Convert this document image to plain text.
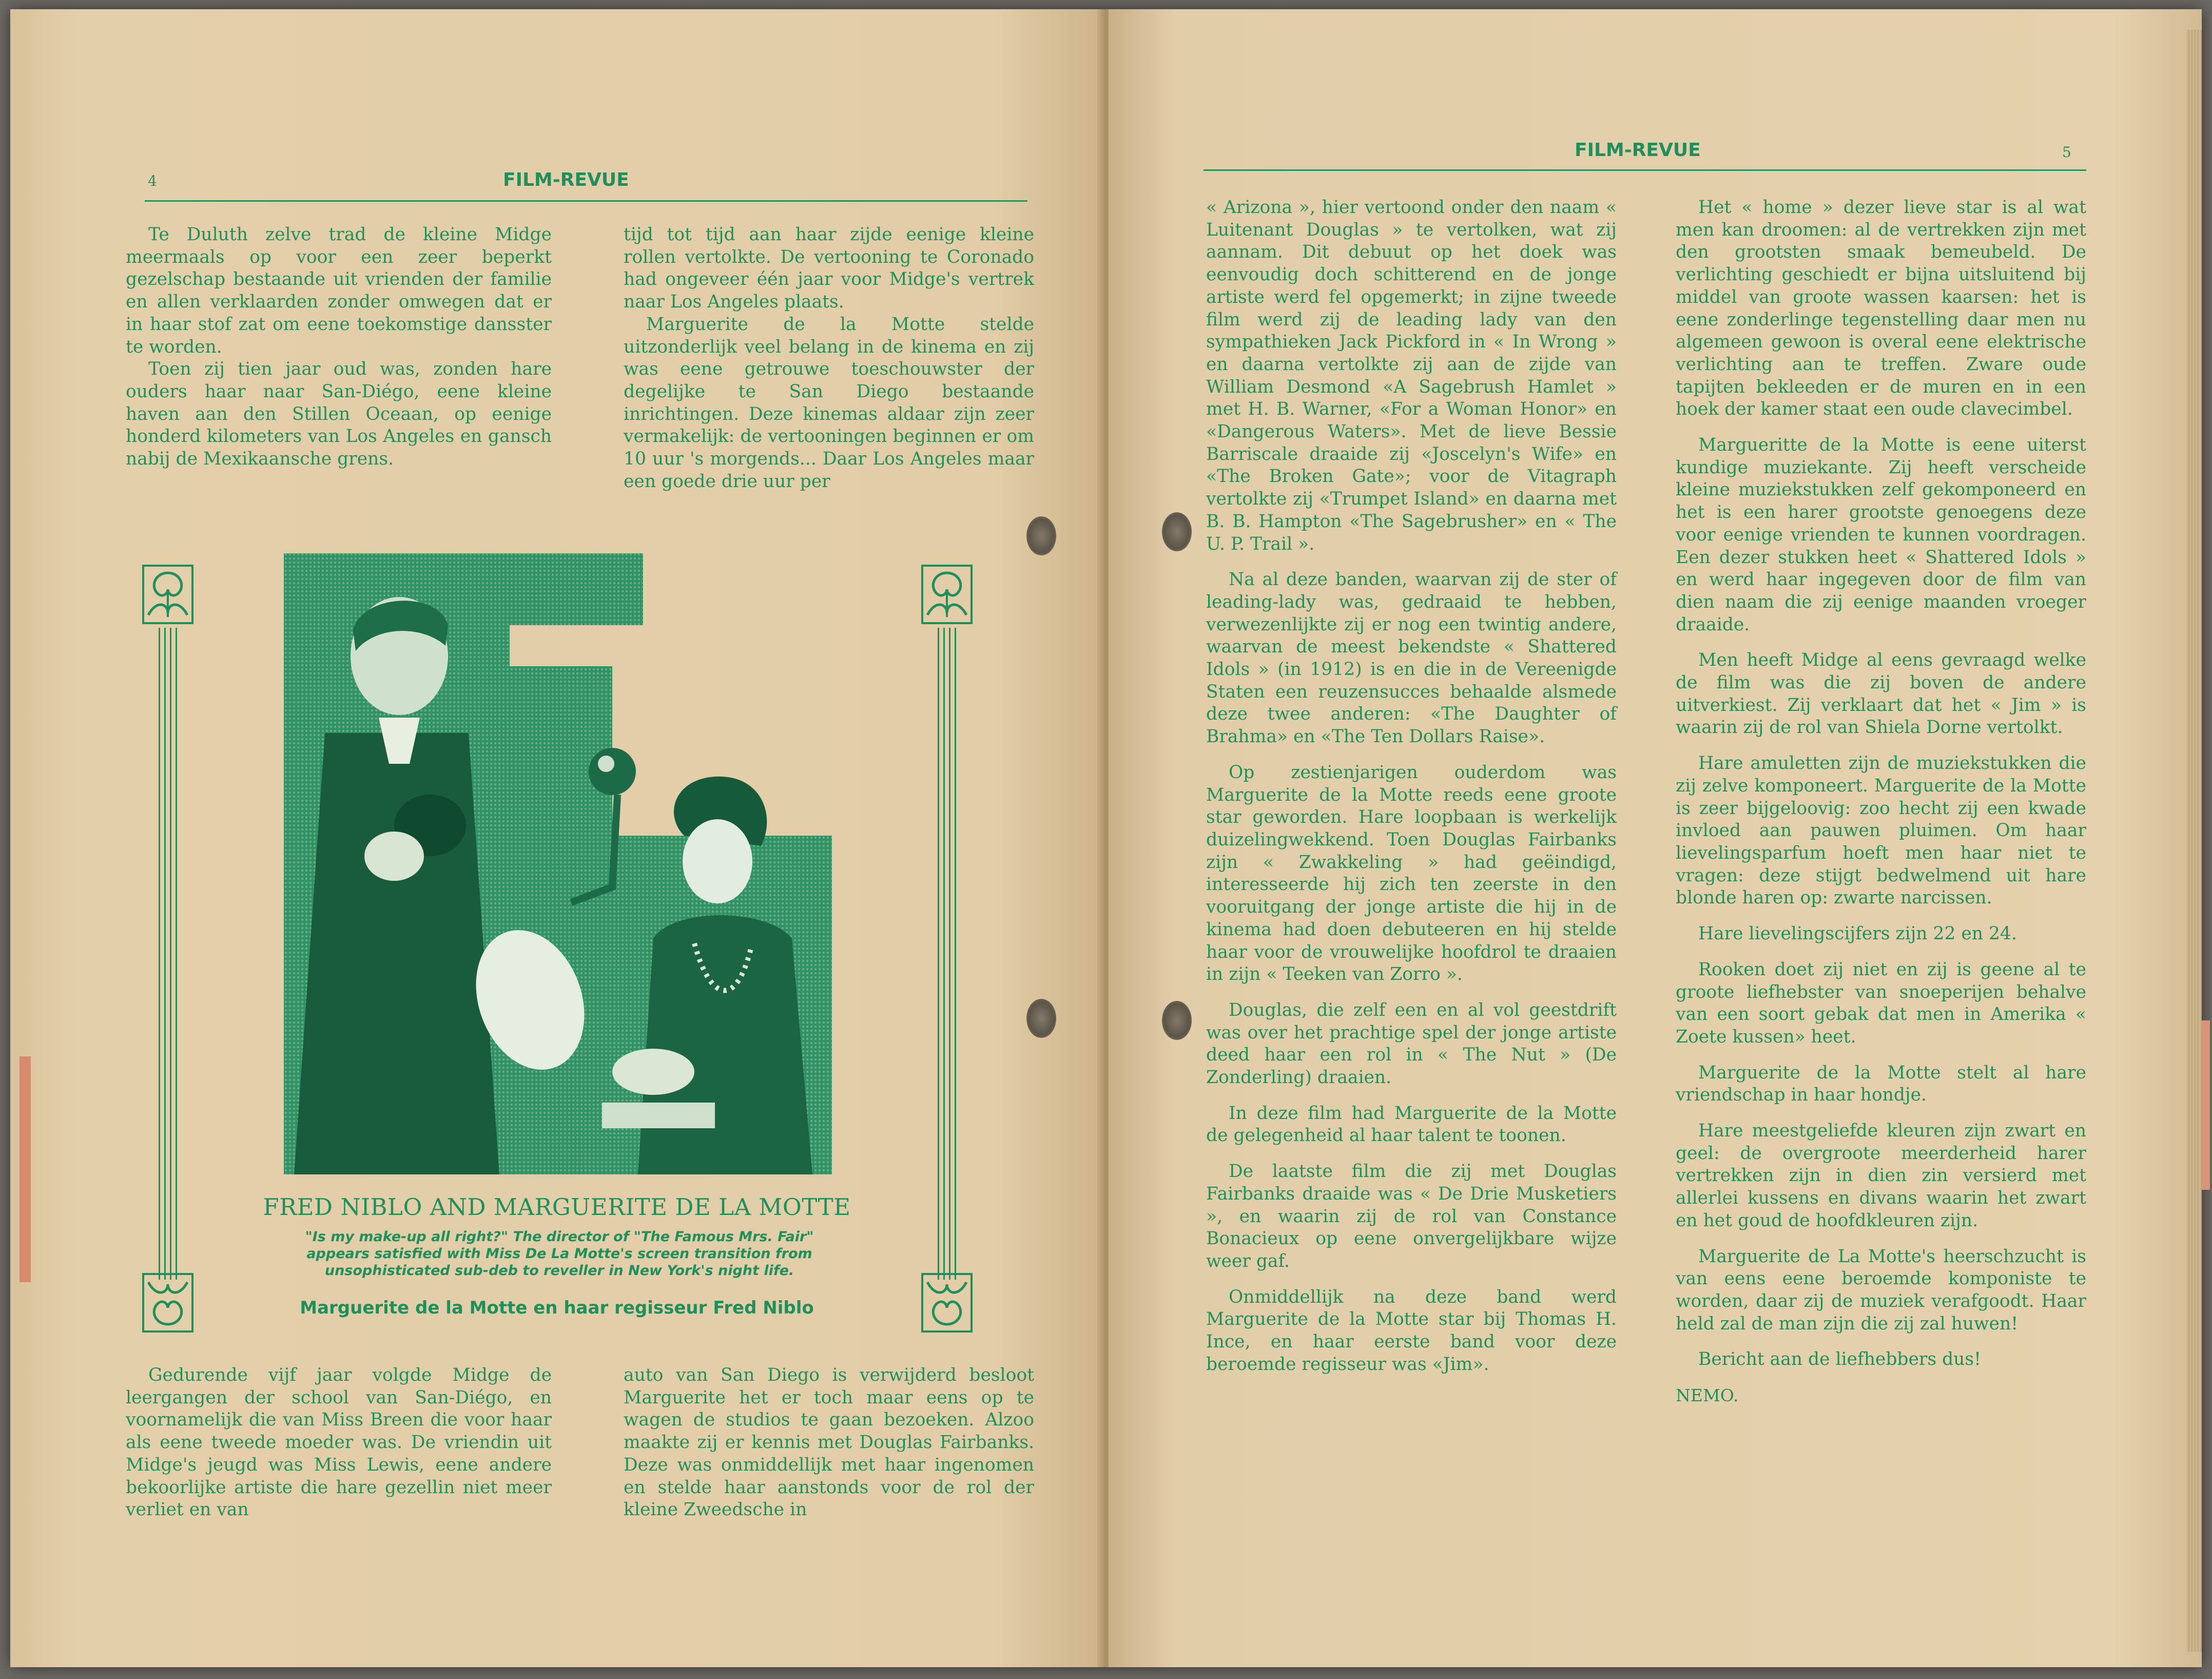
4	FILM-REVUE

Te Duluth zelve trad de kleine Midge meermaals op voor een zeer beperkt gezelschap bestaande uit vrienden der familie en allen verklaarden zonder omwegen dat er in haar stof zat om eene toekomstige dansster te worden.

Toen zij tien jaar oud was, zonden hare ouders haar naar San-Diégo, eene kleine haven aan den Stillen Oceaan, op eenige honderd kilometers van Los Angeles en gansch nabij de Mexikaansche grens.

tijd tot tijd aan haar zijde eenige kleine rollen vertolkte. De vertooning te Coronado had ongeveer één jaar voor Midge's vertrek naar Los Angeles plaats.

Marguerite de la Motte stelde uitzonderlijk veel belang in de kinema en zij was eene getrouwe toeschouwster der degelijke te San Diego bestaande inrichtingen. Deze kinemas aldaar zijn zeer vermakelijk: de vertooningen beginnen er om 10 uur 's morgends... Daar Los Angeles maar een goede drie uur per

FRED NIBLO AND MARGUERITE DE LA MOTTE
"Is my make-up all right?" The director of "The Famous Mrs. Fair" appears satisfied with Miss De La Motte's screen transition from unsophisticated sub-deb to reveller in New York's night life.
Marguerite de la Motte en haar regisseur Fred Niblo

Gedurende vijf jaar volgde Midge de leergangen der school van San-Diégo, en voornamelijk die van Miss Breen die voor haar als eene tweede moeder was. De vriendin uit Midge's jeugd was Miss Lewis, eene andere bekoorlijke artiste die hare gezellin niet meer verliet en van

auto van San Diego is verwijderd besloot Marguerite het er toch maar eens op te wagen de studios te gaan bezoeken. Alzoo maakte zij er kennis met Douglas Fairbanks. Deze was onmiddellijk met haar ingenomen en stelde haar aanstonds voor de rol der kleine Zweedsche in

FILM-REVUE	5

« Arizona », hier vertoond onder den naam « Luitenant Douglas » te vertolken, wat zij aannam. Dit debuut op het doek was eenvoudig doch schitterend en de jonge artiste werd fel opgemerkt; in zijne tweede film werd zij de leading lady van den sympathieken Jack Pickford in « In Wrong » en daarna vertolkte zij aan de zijde van William Desmond «A Sagebrush Hamlet » met H. B. Warner, «For a Woman Honor» en «Dangerous Waters». Met de lieve Bessie Barriscale draaide zij «Joscelyn's Wife» en «The Broken Gate»; voor de Vitagraph vertolkte zij «Trumpet Island» en daarna met B. B. Hampton «The Sagebrusher» en « The U. P. Trail ».

Na al deze banden, waarvan zij de ster of leading-lady was, gedraaid te hebben, verwezenlijkte zij er nog een twintig andere, waarvan de meest bekendste « Shattered Idols » (in 1912) is en die in de Vereenigde Staten een reuzensucces behaalde alsmede deze twee anderen: «The Daughter of Brahma» en «The Ten Dollars Raise».

Op zestienjarigen ouderdom was Marguerite de la Motte reeds eene groote star geworden. Hare loopbaan is werkelijk duizelingwekkend. Toen Douglas Fairbanks zijn « Zwakkeling » had geëindigd, interesseerde hij zich ten zeerste in den vooruitgang der jonge artiste die hij in de kinema had doen debuteeren en hij stelde haar voor de vrouwelijke hoofdrol te draaien in zijn « Teeken van Zorro ».

Douglas, die zelf een en al vol geestdrift was over het prachtige spel der jonge artiste deed haar een rol in « The Nut » (De Zonderling) draaien.

In deze film had Marguerite de la Motte de gelegenheid al haar talent te toonen.

De laatste film die zij met Douglas Fairbanks draaide was « De Drie Musketiers », en waarin zij de rol van Constance Bonacieux op eene onvergelijkbare wijze weer gaf.

Onmiddellijk na deze band werd Marguerite de la Motte star bij Thomas H. Ince, en haar eerste band voor deze beroemde regisseur was «Jim».

Het « home » dezer lieve star is al wat men kan droomen: al de vertrekken zijn met den grootsten smaak bemeubeld. De verlichting geschiedt er bijna uitsluitend bij middel van groote wassen kaarsen: het is eene zonderlinge tegenstelling daar men nu algemeen gewoon is overal eene elektrische verlichting aan te treffen. Zware oude tapijten bekleeden er de muren en in een hoek der kamer staat een oude clavecimbel.

Margueritte de la Motte is eene uiterst kundige muziekante. Zij heeft verscheide kleine muziekstukken zelf gekomponeerd en het is een harer grootste genoegens deze voor eenige vrienden te kunnen voordragen. Een dezer stukken heet « Shattered Idols » en werd haar ingegeven door de film van dien naam die zij eenige maanden vroeger draaide.

Men heeft Midge al eens gevraagd welke de film was die zij boven de andere uitverkiest. Zij verklaart dat het « Jim » is waarin zij de rol van Shiela Dorne vertolkt.

Hare amuletten zijn de muziekstukken die zij zelve komponeert. Marguerite de la Motte is zeer bijgeloovig: zoo hecht zij een kwade invloed aan pauwen pluimen. Om haar lievelingsparfum hoeft men haar niet te vragen: deze stijgt bedwelmend uit hare blonde haren op: zwarte narcissen.

Hare lievelingscijfers zijn 22 en 24.

Rooken doet zij niet en zij is geene al te groote liefhebster van snoeperijen behalve van een soort gebak dat men in Amerika « Zoete kussen» heet.

Marguerite de la Motte stelt al hare vriendschap in haar hondje.

Hare meestgeliefde kleuren zijn zwart en geel: de overgroote meerderheid harer vertrekken zijn in dien zin versierd met allerlei kussens en divans waarin het zwart en het goud de hoofdkleuren zijn.

Marguerite de La Motte's heerschzucht is van eens eene beroemde komponiste te worden, daar zij de muziek verafgoodt. Haar held zal de man zijn die zij zal huwen!

Bericht aan de liefhebbers dus!

NEMO.
